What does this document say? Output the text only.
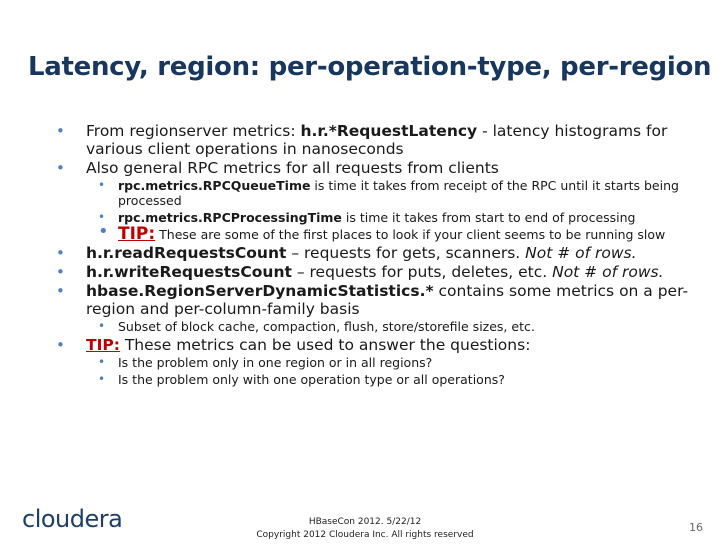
Latency, region: per-operation-type, per-region
• From regionserver metrics: h.r.*RequestLatency - latency histograms for various client operations in nanoseconds
• Also general RPC metrics for all requests from clients
• rpc.metrics.RPCQueueTime is time it takes from receipt of the RPC until it starts being processed
• rpc.metrics.RPCProcessingTime is time it takes from start to end of processing
• TIP: These are some of the first places to look if your client seems to be running slow
• h.r.readRequestsCount – requests for gets, scanners. Not # of rows.
• h.r.writeRequestsCount – requests for puts, deletes, etc. Not # of rows.
• hbase.RegionServerDynamicStatistics.* contains some metrics on a per-region and per-column-family basis
• Subset of block cache, compaction, flush, store/storefile sizes, etc.
• TIP: These metrics can be used to answer the questions:
• Is the problem only in one region or in all regions?
• Is the problem only with one operation type or all operations?
cloudera	HBaseCon 2012. 5/22/12
Copyright 2012 Cloudera Inc. All rights reserved
16
